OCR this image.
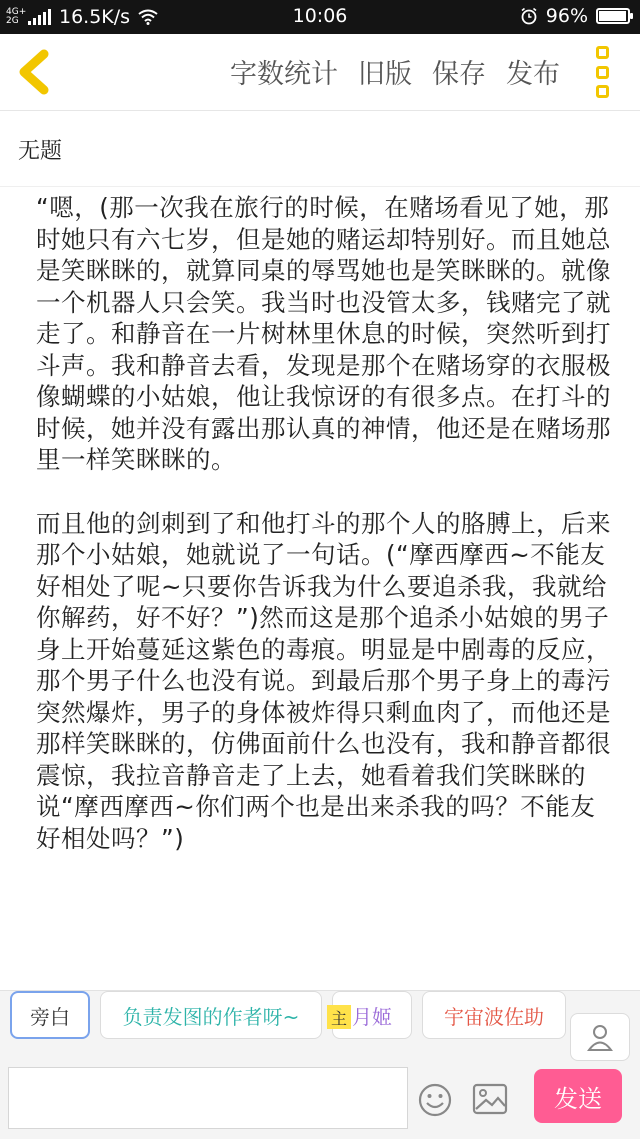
4G+ 2G 16.5K/s	10:06	96%
字数统计 旧版 保存 发布
无题

“嗯，(那一次我在旅行的时候，在赌场看见了她，那时她只有六七岁，但是她的赌运却特别好。而且她总是笑眯眯的，就算同桌的辱骂她也是笑眯眯的。就像一个机器人只会笑。我当时也没管太多，钱赌完了就走了。和静音在一片树林里休息的时候，突然听到打斗声。我和静音去看，发现是那个在赌场穿的衣服极像蝴蝶的小姑娘，他让我惊讶的有很多点。在打斗的时候，她并没有露出那认真的神情，他还是在赌场那里一样笑眯眯的。

而且他的剑刺到了和他打斗的那个人的胳膊上，后来那个小姑娘，她就说了一句话。(“摩西摩西~不能友好相处了呢~只要你告诉我为什么要追杀我，我就给你解药，好不好？”)然而这是那个追杀小姑娘的男子身上开始蔓延这紫色的毒痕。明显是中剧毒的反应，那个男子什么也没有说。到最后那个男子身上的毒污突然爆炸，男子的身体被炸得只剩血肉了，而他还是那样笑眯眯的，仿佛面前什么也没有，我和静音都很震惊，我拉音静音走了上去，她看着我们笑眯眯的说“摩西摩西~你们两个也是出来杀我的吗？不能友好相处吗？”)

旁白	负责发图的作者呀~	月姬
主	宇宙波佐助
发送
